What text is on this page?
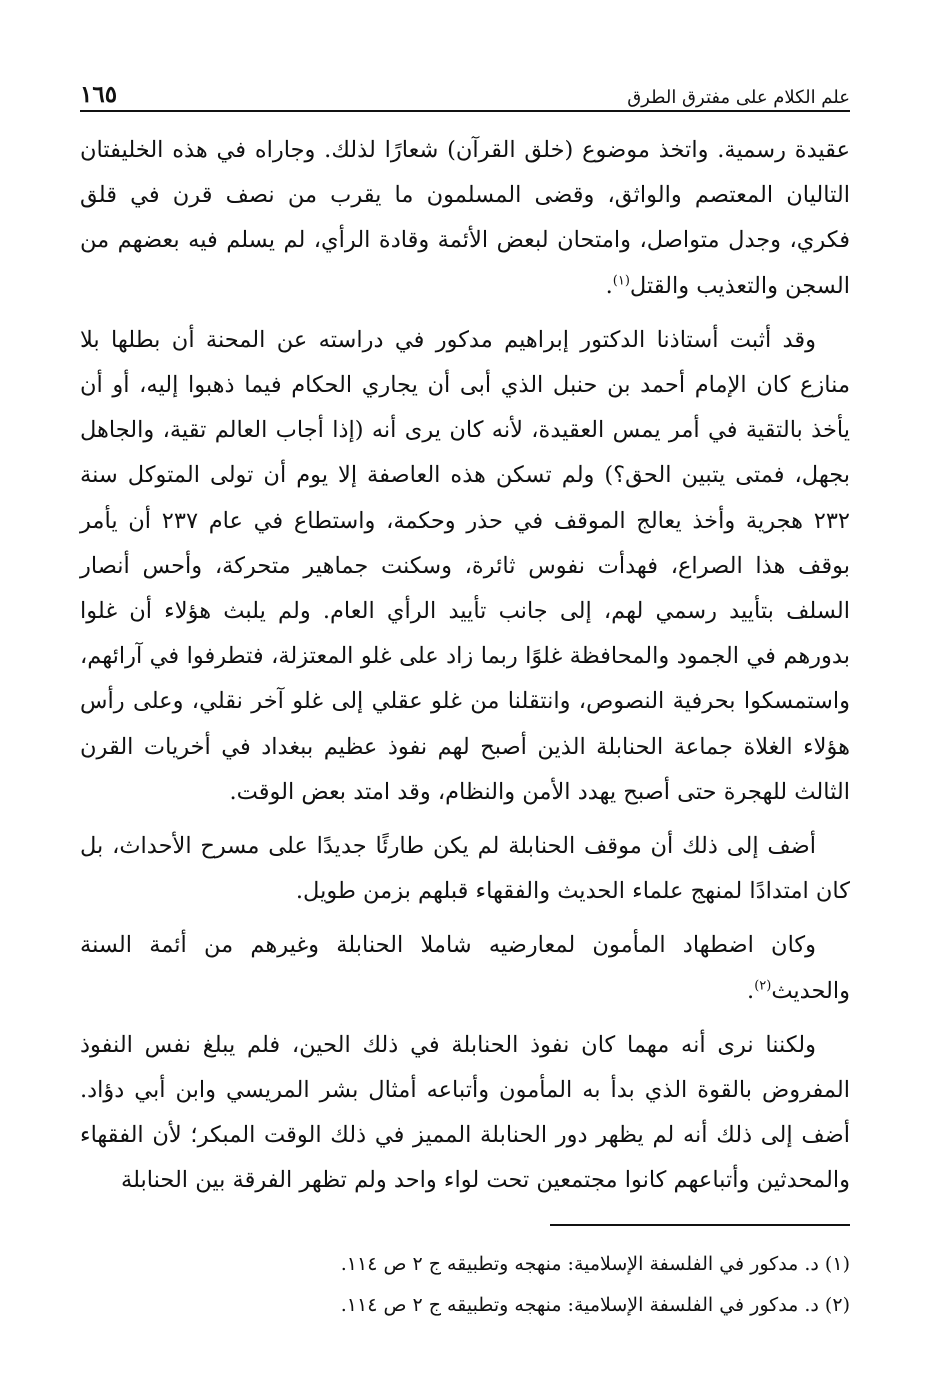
علم الكلام على مفترق الطرق
١٦٥

عقيدة رسمية. واتخذ موضوع (خلق القرآن) شعارًا لذلك. وجاراه في هذه الخليفتان التاليان المعتصم والواثق، وقضى المسلمون ما يقرب من نصف قرن في قلق فكري، وجدل متواصل، وامتحان لبعض الأئمة وقادة الرأي، لم يسلم فيه بعضهم من السجن والتعذيب والقتل$^{(١)}$.

وقد أثبت أستاذنا الدكتور إبراهيم مدكور في دراسته عن المحنة أن بطلها بلا منازع كان الإمام أحمد بن حنبل الذي أبى أن يجاري الحكام فيما ذهبوا إليه، أو أن يأخذ بالتقية في أمر يمس العقيدة، لأنه كان يرى أنه (إذا أجاب العالم تقية، والجاهل بجهل، فمتى يتبين الحق؟) ولم تسكن هذه العاصفة إلا يوم أن تولى المتوكل سنة ٢٣٢ هجرية وأخذ يعالج الموقف في حذر وحكمة، واستطاع في عام ٢٣٧ أن يأمر بوقف هذا الصراع، فهدأت نفوس ثائرة، وسكنت جماهير متحركة، وأحس أنصار السلف بتأييد رسمي لهم، إلى جانب تأييد الرأي العام. ولم يلبث هؤلاء أن غلوا بدورهم في الجمود والمحافظة غلوًا ربما زاد على غلو المعتزلة، فتطرفوا في آرائهم، واستمسكوا بحرفية النصوص، وانتقلنا من غلو عقلي إلى غلو آخر نقلي، وعلى رأس هؤلاء الغلاة جماعة الحنابلة الذين أصبح لهم نفوذ عظيم ببغداد في أخريات القرن الثالث للهجرة حتى أصبح يهدد الأمن والنظام، وقد امتد بعض الوقت.

أضف إلى ذلك أن موقف الحنابلة لم يكن طارئًا جديدًا على مسرح الأحداث، بل كان امتدادًا لمنهج علماء الحديث والفقهاء قبلهم بزمن طويل.

وكان اضطهاد المأمون لمعارضيه شاملا الحنابلة وغيرهم من أئمة السنة والحديث$^{(٢)}$.

ولكننا نرى أنه مهما كان نفوذ الحنابلة في ذلك الحين، فلم يبلغ نفس النفوذ المفروض بالقوة الذي بدأ به المأمون وأتباعه أمثال بشر المريسي وابن أبي دؤاد. أضف إلى ذلك أنه لم يظهر دور الحنابلة المميز في ذلك الوقت المبكر؛ لأن الفقهاء والمحدثين وأتباعهم كانوا مجتمعين تحت لواء واحد ولم تظهر الفرقة بين الحنابلة

(١) د. مدكور في الفلسفة الإسلامية: منهجه وتطبيقه ج ٢ ص ١١٤.

(٢) د. مدكور في الفلسفة الإسلامية: منهجه وتطبيقه ج ٢ ص ١١٤.
